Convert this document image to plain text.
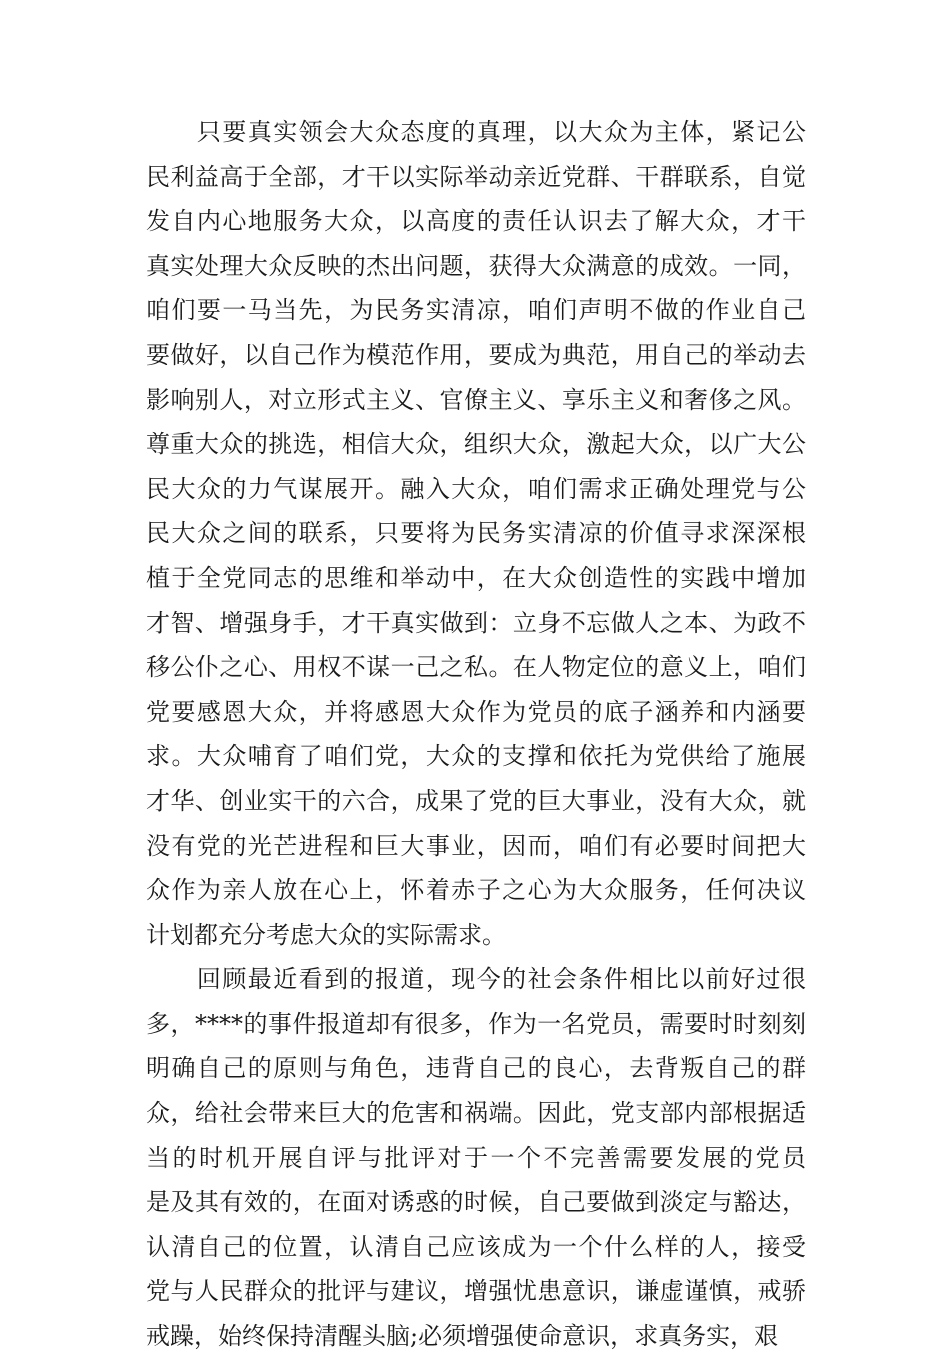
　　只要真实领会大众态度的真理，以大众为主体，紧记公
民利益高于全部，才干以实际举动亲近党群、干群联系，自觉
发自内心地服务大众，以高度的责任认识去了解大众，才干
真实处理大众反映的杰出问题，获得大众满意的成效。一同，
咱们要一马当先，为民务实清凉，咱们声明不做的作业自己
要做好，以自己作为模范作用，要成为典范，用自己的举动去
影响别人，对立形式主义、官僚主义、享乐主义和奢侈之风。
尊重大众的挑选，相信大众，组织大众，激起大众，以广大公
民大众的力气谋展开。融入大众，咱们需求正确处理党与公
民大众之间的联系，只要将为民务实清凉的价值寻求深深根
植于全党同志的思维和举动中，在大众创造性的实践中增加
才智、增强身手，才干真实做到：立身不忘做人之本、为政不
移公仆之心、用权不谋一己之私。在人物定位的意义上，咱们
党要感恩大众，并将感恩大众作为党员的底子涵养和内涵要
求。大众哺育了咱们党，大众的支撑和依托为党供给了施展
才华、创业实干的六合，成果了党的巨大事业，没有大众，就
没有党的光芒进程和巨大事业，因而，咱们有必要时间把大
众作为亲人放在心上，怀着赤子之心为大众服务，任何决议
计划都充分考虑大众的实际需求。
　　回顾最近看到的报道，现今的社会条件相比以前好过很
多，****的事件报道却有很多，作为一名党员，需要时时刻刻
明确自己的原则与角色，违背自己的良心，去背叛自己的群
众，给社会带来巨大的危害和祸端。因此，党支部内部根据适
当的时机开展自评与批评对于一个不完善需要发展的党员
是及其有效的，在面对诱惑的时候，自己要做到淡定与豁达，
认清自己的位置，认清自己应该成为一个什么样的人，接受
党与人民群众的批评与建议，增强忧患意识，谦虚谨慎，戒骄
戒躁，始终保持清醒头脑;必须增强使命意识，求真务实，艰
